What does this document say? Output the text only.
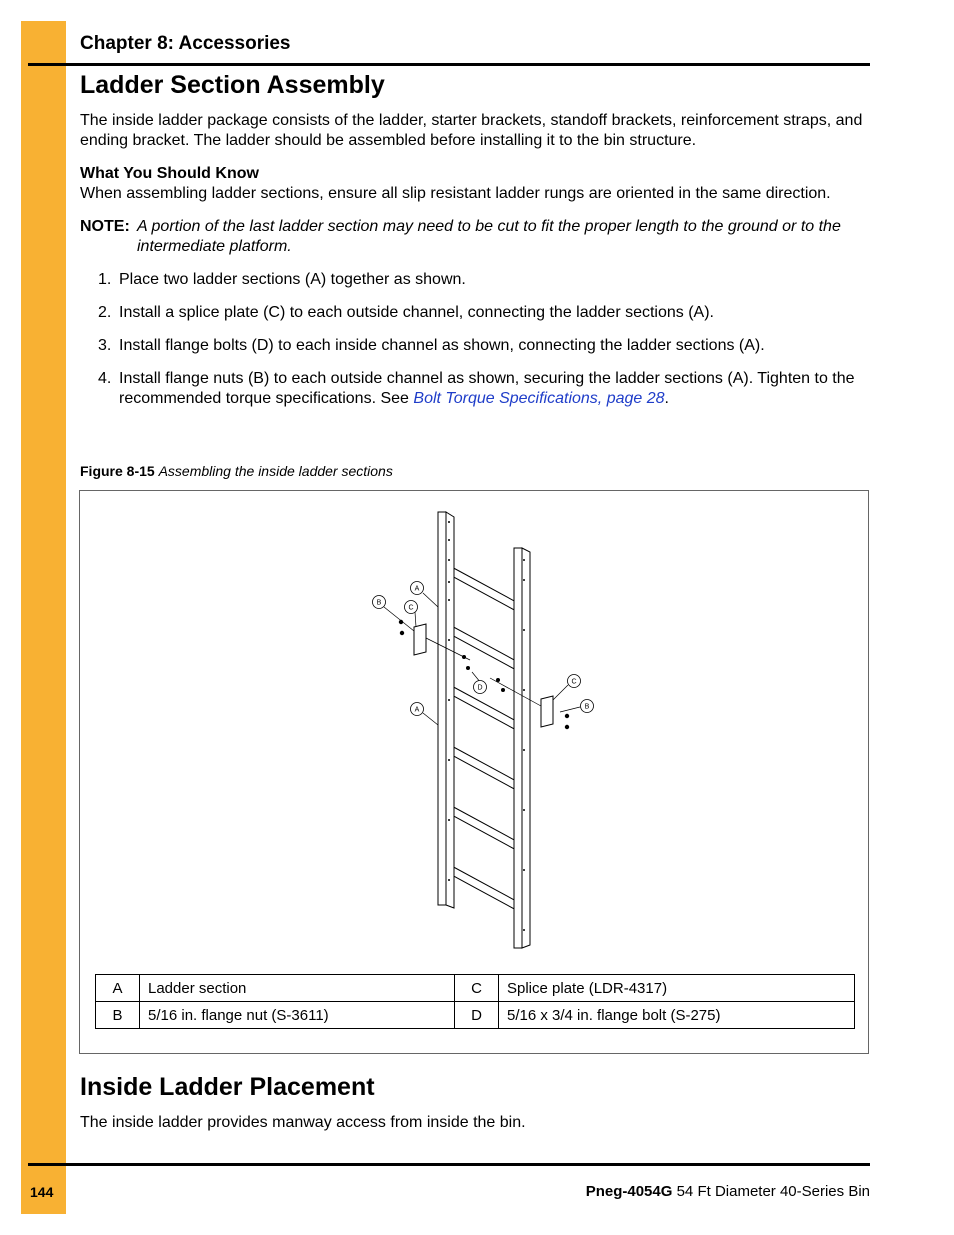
Chapter 8: Accessories
Ladder Section Assembly
The inside ladder package consists of the ladder, starter brackets, standoff brackets, reinforcement straps, and ending bracket. The ladder should be assembled before installing it to the bin structure.
What You Should Know
When assembling ladder sections, ensure all slip resistant ladder rungs are oriented in the same direction.
NOTE: A portion of the last ladder section may need to be cut to fit the proper length to the ground or to the intermediate platform.
1. Place two ladder sections (A) together as shown.
2. Install a splice plate (C) to each outside channel, connecting the ladder sections (A).
3. Install flange bolts (D) to each inside channel as shown, connecting the ladder sections (A).
4. Install flange nuts (B) to each outside channel as shown, securing the ladder sections (A). Tighten to the recommended torque specifications. See Bolt Torque Specifications, page 28.
Figure 8-15 Assembling the inside ladder sections
A
A
B
C
D
C
B
A	Ladder section	C	Splice plate (LDR-4317)
B	5/16 in. flange nut (S-3611)	D	5/16 x 3/4 in. flange bolt (S-275)
Inside Ladder Placement
The inside ladder provides manway access from inside the bin.
144	Pneg-4054G 54 Ft Diameter 40-Series Bin
